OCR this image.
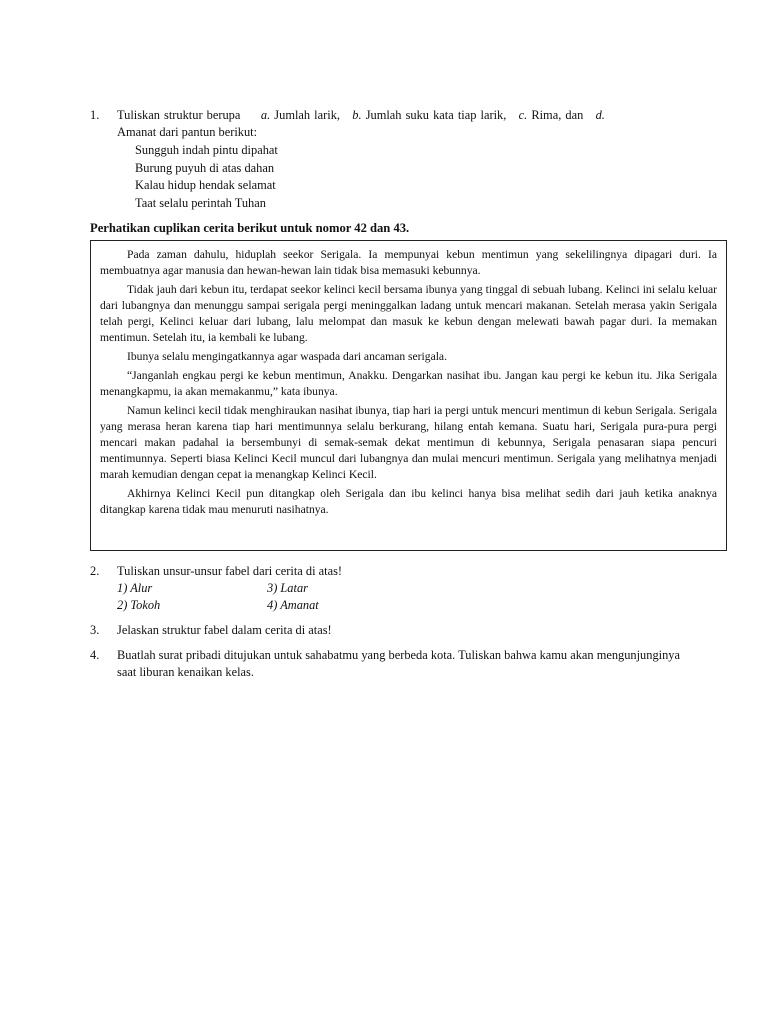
1.	Tuliskan struktur berupa a. Jumlah larik, b. Jumlah suku kata tiap larik, c. Rima, dan d.
Amanat dari pantun berikut:
Sungguh indah pintu dipahat
Burung puyuh di atas dahan
Kalau hidup hendak selamat
Taat selalu perintah Tuhan
Perhatikan cuplikan cerita berikut untuk nomor 42 dan 43.

Pada zaman dahulu, hiduplah seekor Serigala. Ia mempunyai kebun mentimun yang sekelilingnya dipagari duri. Ia membuatnya agar manusia dan hewan-hewan lain tidak bisa memasuki kebunnya.

Tidak jauh dari kebun itu, terdapat seekor kelinci kecil bersama ibunya yang tinggal di sebuah lubang. Kelinci ini selalu keluar dari lubangnya dan menunggu sampai serigala pergi meninggalkan ladang untuk mencari makanan. Setelah merasa yakin Serigala telah pergi, Kelinci keluar dari lubang, lalu melompat dan masuk ke kebun dengan melewati bawah pagar duri. Ia memakan mentimun. Setelah itu, ia kembali ke lubang.

Ibunya selalu mengingatkannya agar waspada dari ancaman serigala.

“Janganlah engkau pergi ke kebun mentimun, Anakku. Dengarkan nasihat ibu. Jangan kau pergi ke kebun itu. Jika Serigala menangkapmu, ia akan memakanmu,” kata ibunya.

Namun kelinci kecil tidak menghiraukan nasihat ibunya, tiap hari ia pergi untuk mencuri mentimun di kebun Serigala. Serigala yang merasa heran karena tiap hari mentimunnya selalu berkurang, hilang entah kemana. Suatu hari, Serigala pura-pura pergi mencari makan padahal ia bersembunyi di semak-semak dekat mentimun di kebunnya, Serigala penasaran siapa pencuri mentimunnya. Seperti biasa Kelinci Kecil muncul dari lubangnya dan mulai mencuri mentimun. Serigala yang melihatnya menjadi marah kemudian dengan cepat ia menangkap Kelinci Kecil.

Akhirnya Kelinci Kecil pun ditangkap oleh Serigala dan ibu kelinci hanya bisa melihat sedih dari jauh ketika anaknya ditangkap karena tidak mau menuruti nasihatnya.

2.	Tuliskan unsur-unsur fabel dari cerita di atas!
1) Alur	3) Latar
2) Tokoh	4) Amanat
3.	Jelaskan struktur fabel dalam cerita di atas!
4.	Buatlah surat pribadi ditujukan untuk sahabatmu yang berbeda kota. Tuliskan bahwa kamu akan mengunjunginya saat liburan kenaikan kelas.
